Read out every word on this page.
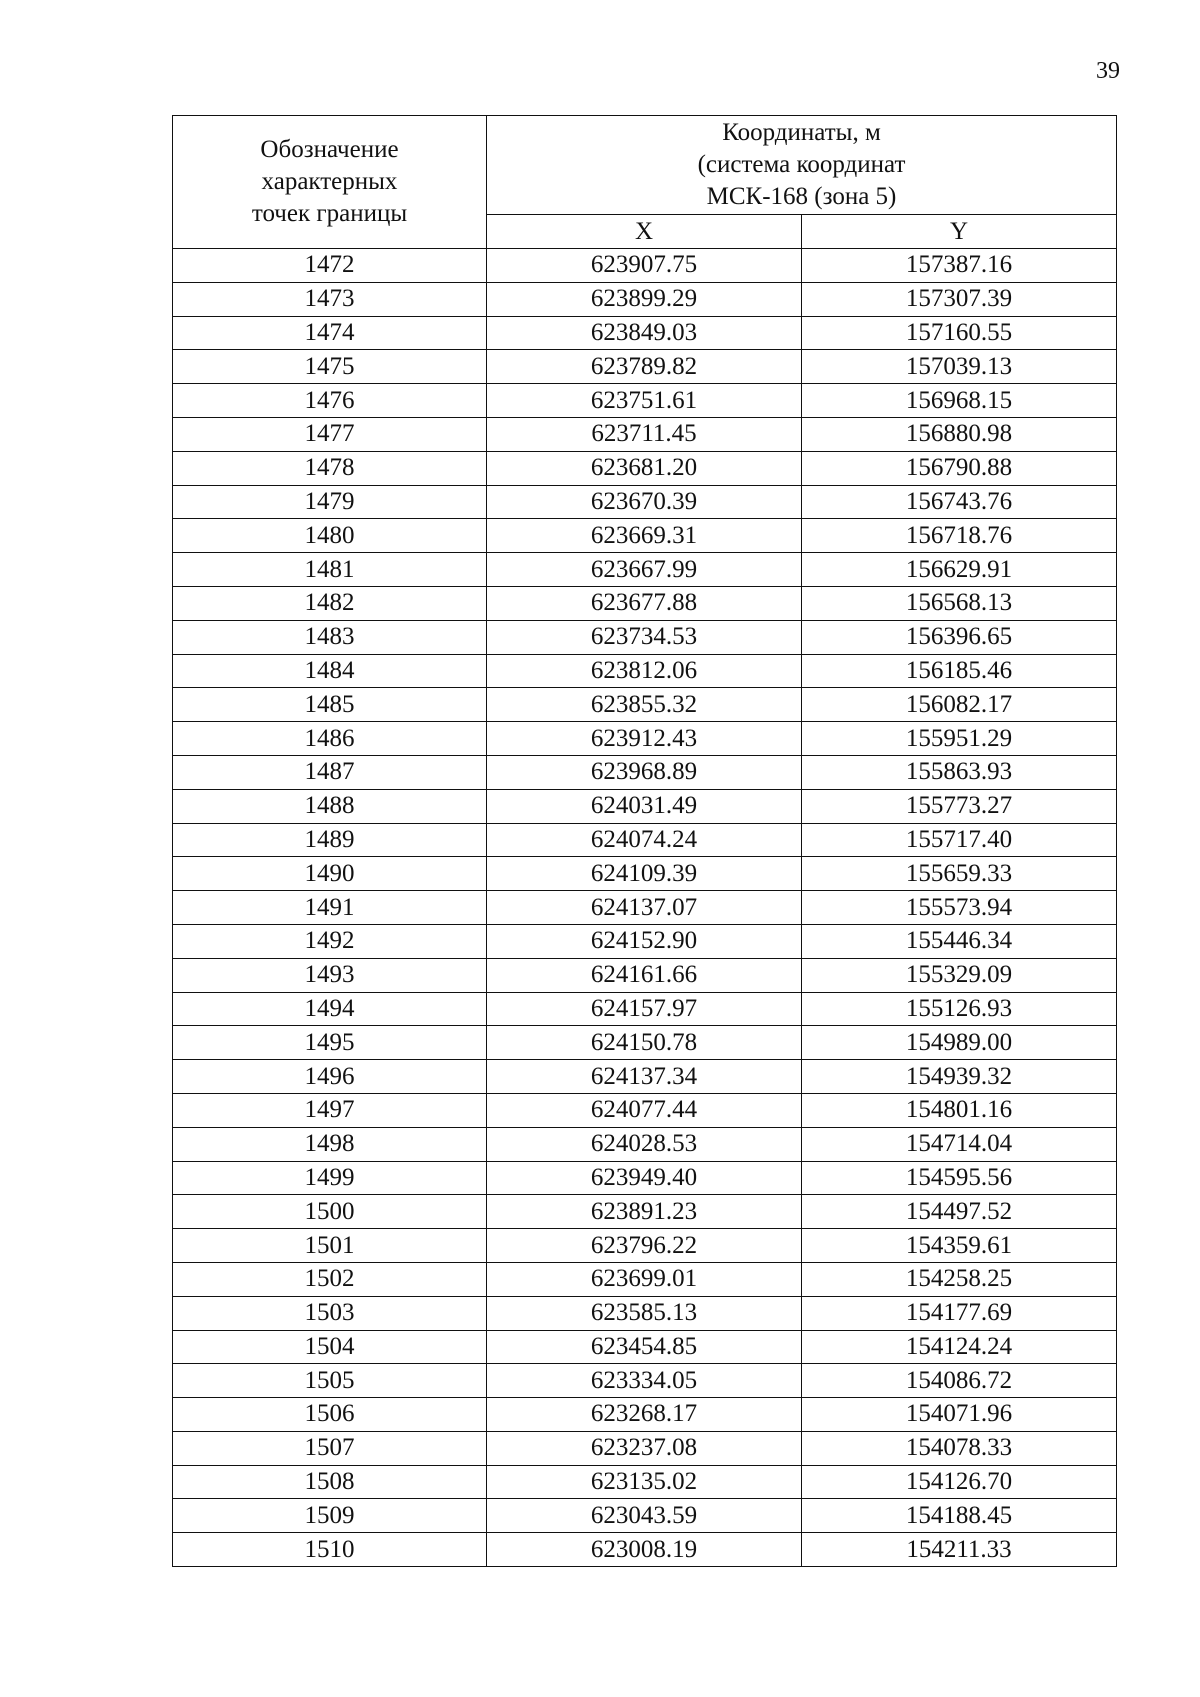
39
Обозначение
характерных
точек границы	Координаты, м
(система координат
МСК-168 (зона 5)	

	X	Y
1472	623907.75	157387.16
1473	623899.29	157307.39
1474	623849.03	157160.55
1475	623789.82	157039.13
1476	623751.61	156968.15
1477	623711.45	156880.98
1478	623681.20	156790.88
1479	623670.39	156743.76
1480	623669.31	156718.76
1481	623667.99	156629.91
1482	623677.88	156568.13
1483	623734.53	156396.65
1484	623812.06	156185.46
1485	623855.32	156082.17
1486	623912.43	155951.29
1487	623968.89	155863.93
1488	624031.49	155773.27
1489	624074.24	155717.40
1490	624109.39	155659.33
1491	624137.07	155573.94
1492	624152.90	155446.34
1493	624161.66	155329.09
1494	624157.97	155126.93
1495	624150.78	154989.00
1496	624137.34	154939.32
1497	624077.44	154801.16
1498	624028.53	154714.04
1499	623949.40	154595.56
1500	623891.23	154497.52
1501	623796.22	154359.61
1502	623699.01	154258.25
1503	623585.13	154177.69
1504	623454.85	154124.24
1505	623334.05	154086.72
1506	623268.17	154071.96
1507	623237.08	154078.33
1508	623135.02	154126.70
1509	623043.59	154188.45
1510	623008.19	154211.33
